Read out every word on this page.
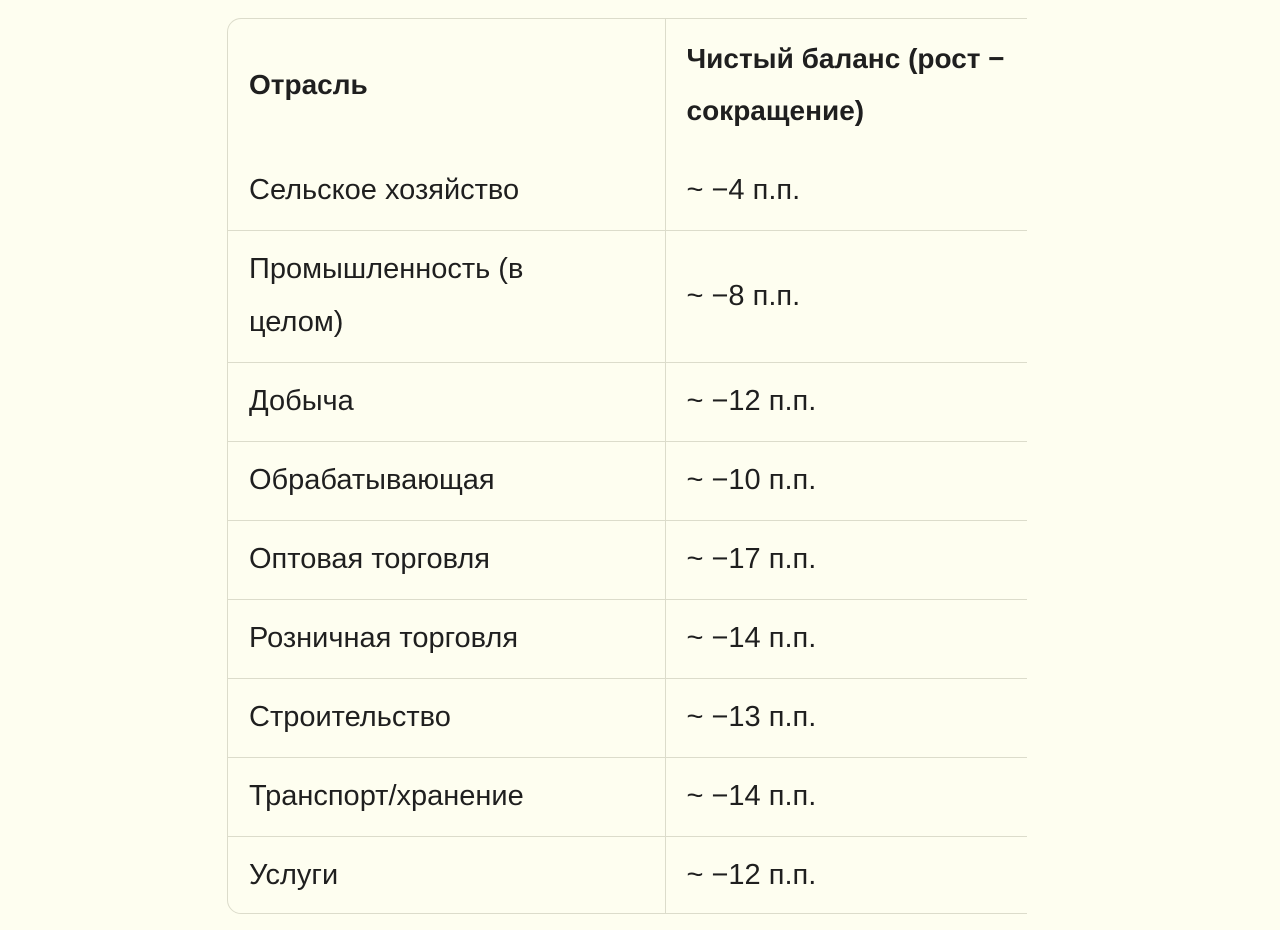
Отрасль	Чистый баланс (рост −
сокращение)

Сельское хозяйство	~ −4 п.п.

Промышленность (в
целом)	~ −8 п.п.
Добыча	~ −12 п.п.
Обрабатывающая	~ −10 п.п.
Оптовая торговля	~ −17 п.п.
Розничная торговля	~ −14 п.п.
Строительство	~ −13 п.п.
Транспорт/хранение	~ −14 п.п.
Услуги	~ −12 п.п.
